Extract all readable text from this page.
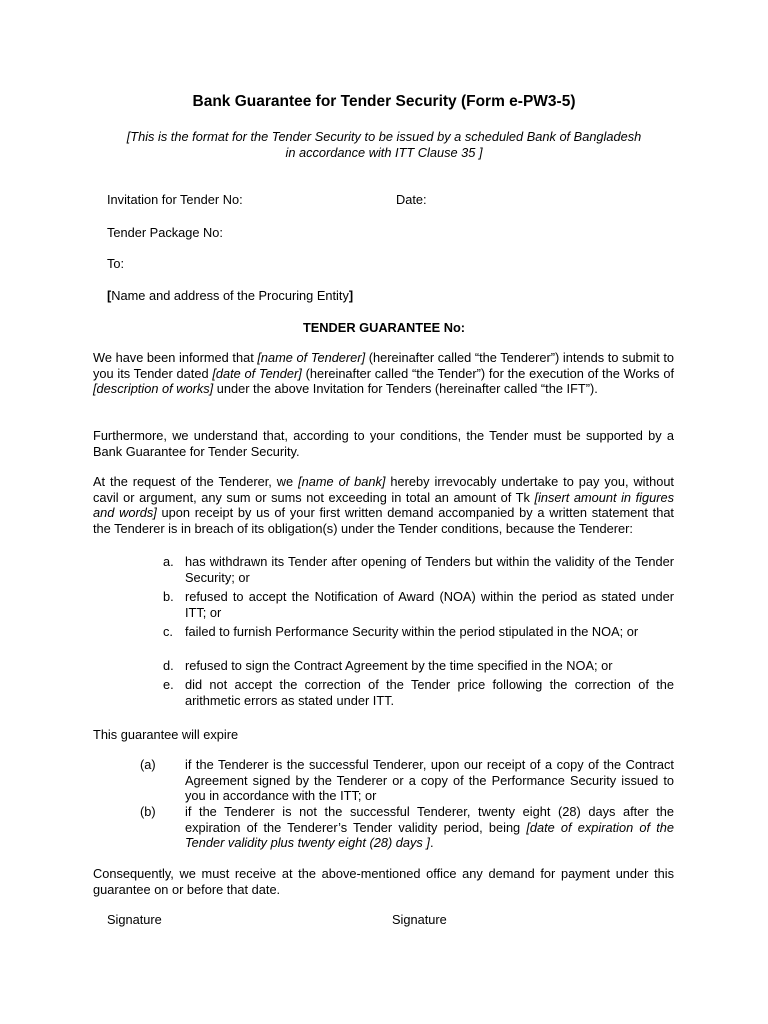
Bank Guarantee for Tender Security (Form e-PW3-5)
[This is the format for the Tender Security to be issued by a scheduled Bank of Bangladesh
in accordance with ITT Clause 35 ]
Invitation for Tender No:	Date:
Tender Package No:
To:
[Name and address of the Procuring Entity]
TENDER GUARANTEE No:
We have been informed that [name of Tenderer] (hereinafter called “the Tenderer”) intends to submit to you its Tender dated [date of Tender] (hereinafter called “the Tender”) for the execution of the Works of [description of works] under the above Invitation for Tenders (hereinafter called “the IFT”).
Furthermore, we understand that, according to your conditions, the Tender must be supported by a Bank Guarantee for Tender Security.
At the request of the Tenderer, we [name of bank] hereby irrevocably undertake to pay you, without cavil or argument, any sum or sums not exceeding in total an amount of Tk [insert amount in figures and words] upon receipt by us of your first written demand accompanied by a written statement that the Tenderer is in breach of its obligation(s) under the Tender conditions, because the Tenderer:
a. has withdrawn its Tender after opening of Tenders but within the validity of the Tender Security; or
b. refused to accept the Notification of Award (NOA) within the period as stated under ITT; or
c. failed to furnish Performance Security within the period stipulated in the NOA; or
d. refused to sign the Contract Agreement by the time specified in the NOA; or
e. did not accept the correction of the Tender price following the correction of the arithmetic errors as stated under ITT.
This guarantee will expire
(a)	if the Tenderer is the successful Tenderer, upon our receipt of a copy of the Contract Agreement signed by the Tenderer or a copy of the Performance Security issued to you in accordance with the ITT; or
(b)	if the Tenderer is not the successful Tenderer, twenty eight (28) days after the expiration of the Tenderer’s Tender validity period, being [date of expiration of the Tender validity plus twenty eight (28) days ].
Consequently, we must receive at the above-mentioned office any demand for payment under this guarantee on or before that date.
Signature	Signature
